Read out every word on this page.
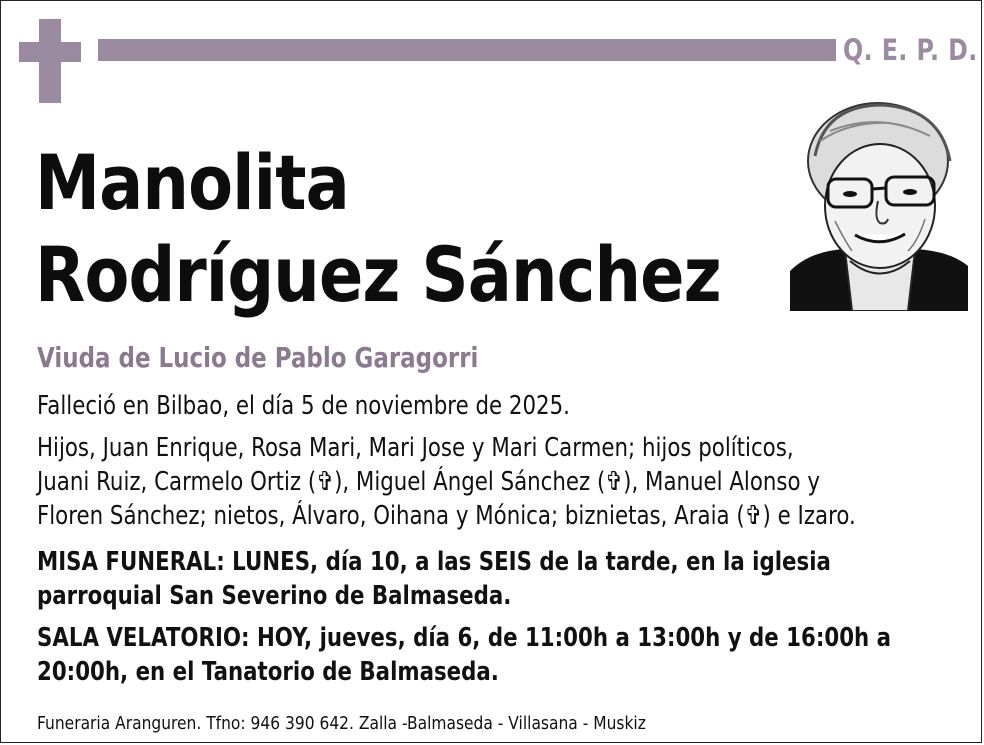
Q. E. P. D.
Manolita
Rodríguez Sánchez
Viuda de Lucio de Pablo Garagorri
Falleció en Bilbao, el día 5 de noviembre de 2025.
Hijos, Juan Enrique, Rosa Mari, Mari Jose y Mari Carmen; hijos políticos,
Juani Ruiz, Carmelo Ortiz (✞), Miguel Ángel Sánchez (✞), Manuel Alonso y
Floren Sánchez; nietos, Álvaro, Oihana y Mónica; biznietas, Araia (✞) e Izaro.
MISA FUNERAL: LUNES, día 10, a las SEIS de la tarde, en la iglesia
parroquial San Severino de Balmaseda.
SALA VELATORIO: HOY, jueves, día 6, de 11:00h a 13:00h y de 16:00h a
20:00h, en el Tanatorio de Balmaseda.
Funeraria Aranguren. Tfno: 946 390 642. Zalla -Balmaseda - Villasana - Muskiz
